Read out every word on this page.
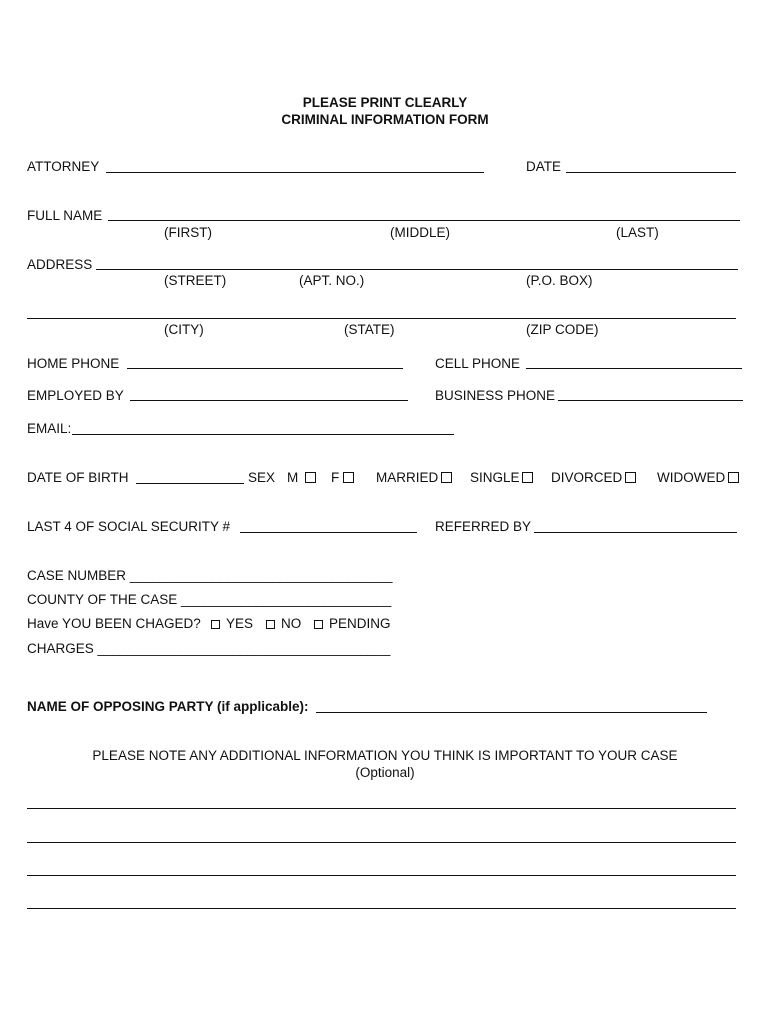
PLEASE PRINT CLEARLY
CRIMINAL INFORMATION FORM
ATTORNEY	DATE
FULL NAME
(FIRST)	(MIDDLE)	(LAST)
ADDRESS
(STREET)	(APT. NO.)	(P.O. BOX)
(CITY)	(STATE)	(ZIP CODE)
HOME PHONE	CELL PHONE
EMPLOYED BY	BUSINESS PHONE
EMAIL:
DATE OF BIRTH	SEX M F	MARRIED SINGLE DIVORCED	WIDOWED
LAST 4 OF SOCIAL SECURITY #	REFERRED BY
CASE NUMBER ___________________________________
COUNTY OF THE CASE ____________________________
Have YOU BEEN CHAGED? YES NO PENDING
CHARGES _______________________________________
NAME OF OPPOSING PARTY (if applicable):
PLEASE NOTE ANY ADDITIONAL INFORMATION YOU THINK IS IMPORTANT TO YOUR CASE
(Optional)
